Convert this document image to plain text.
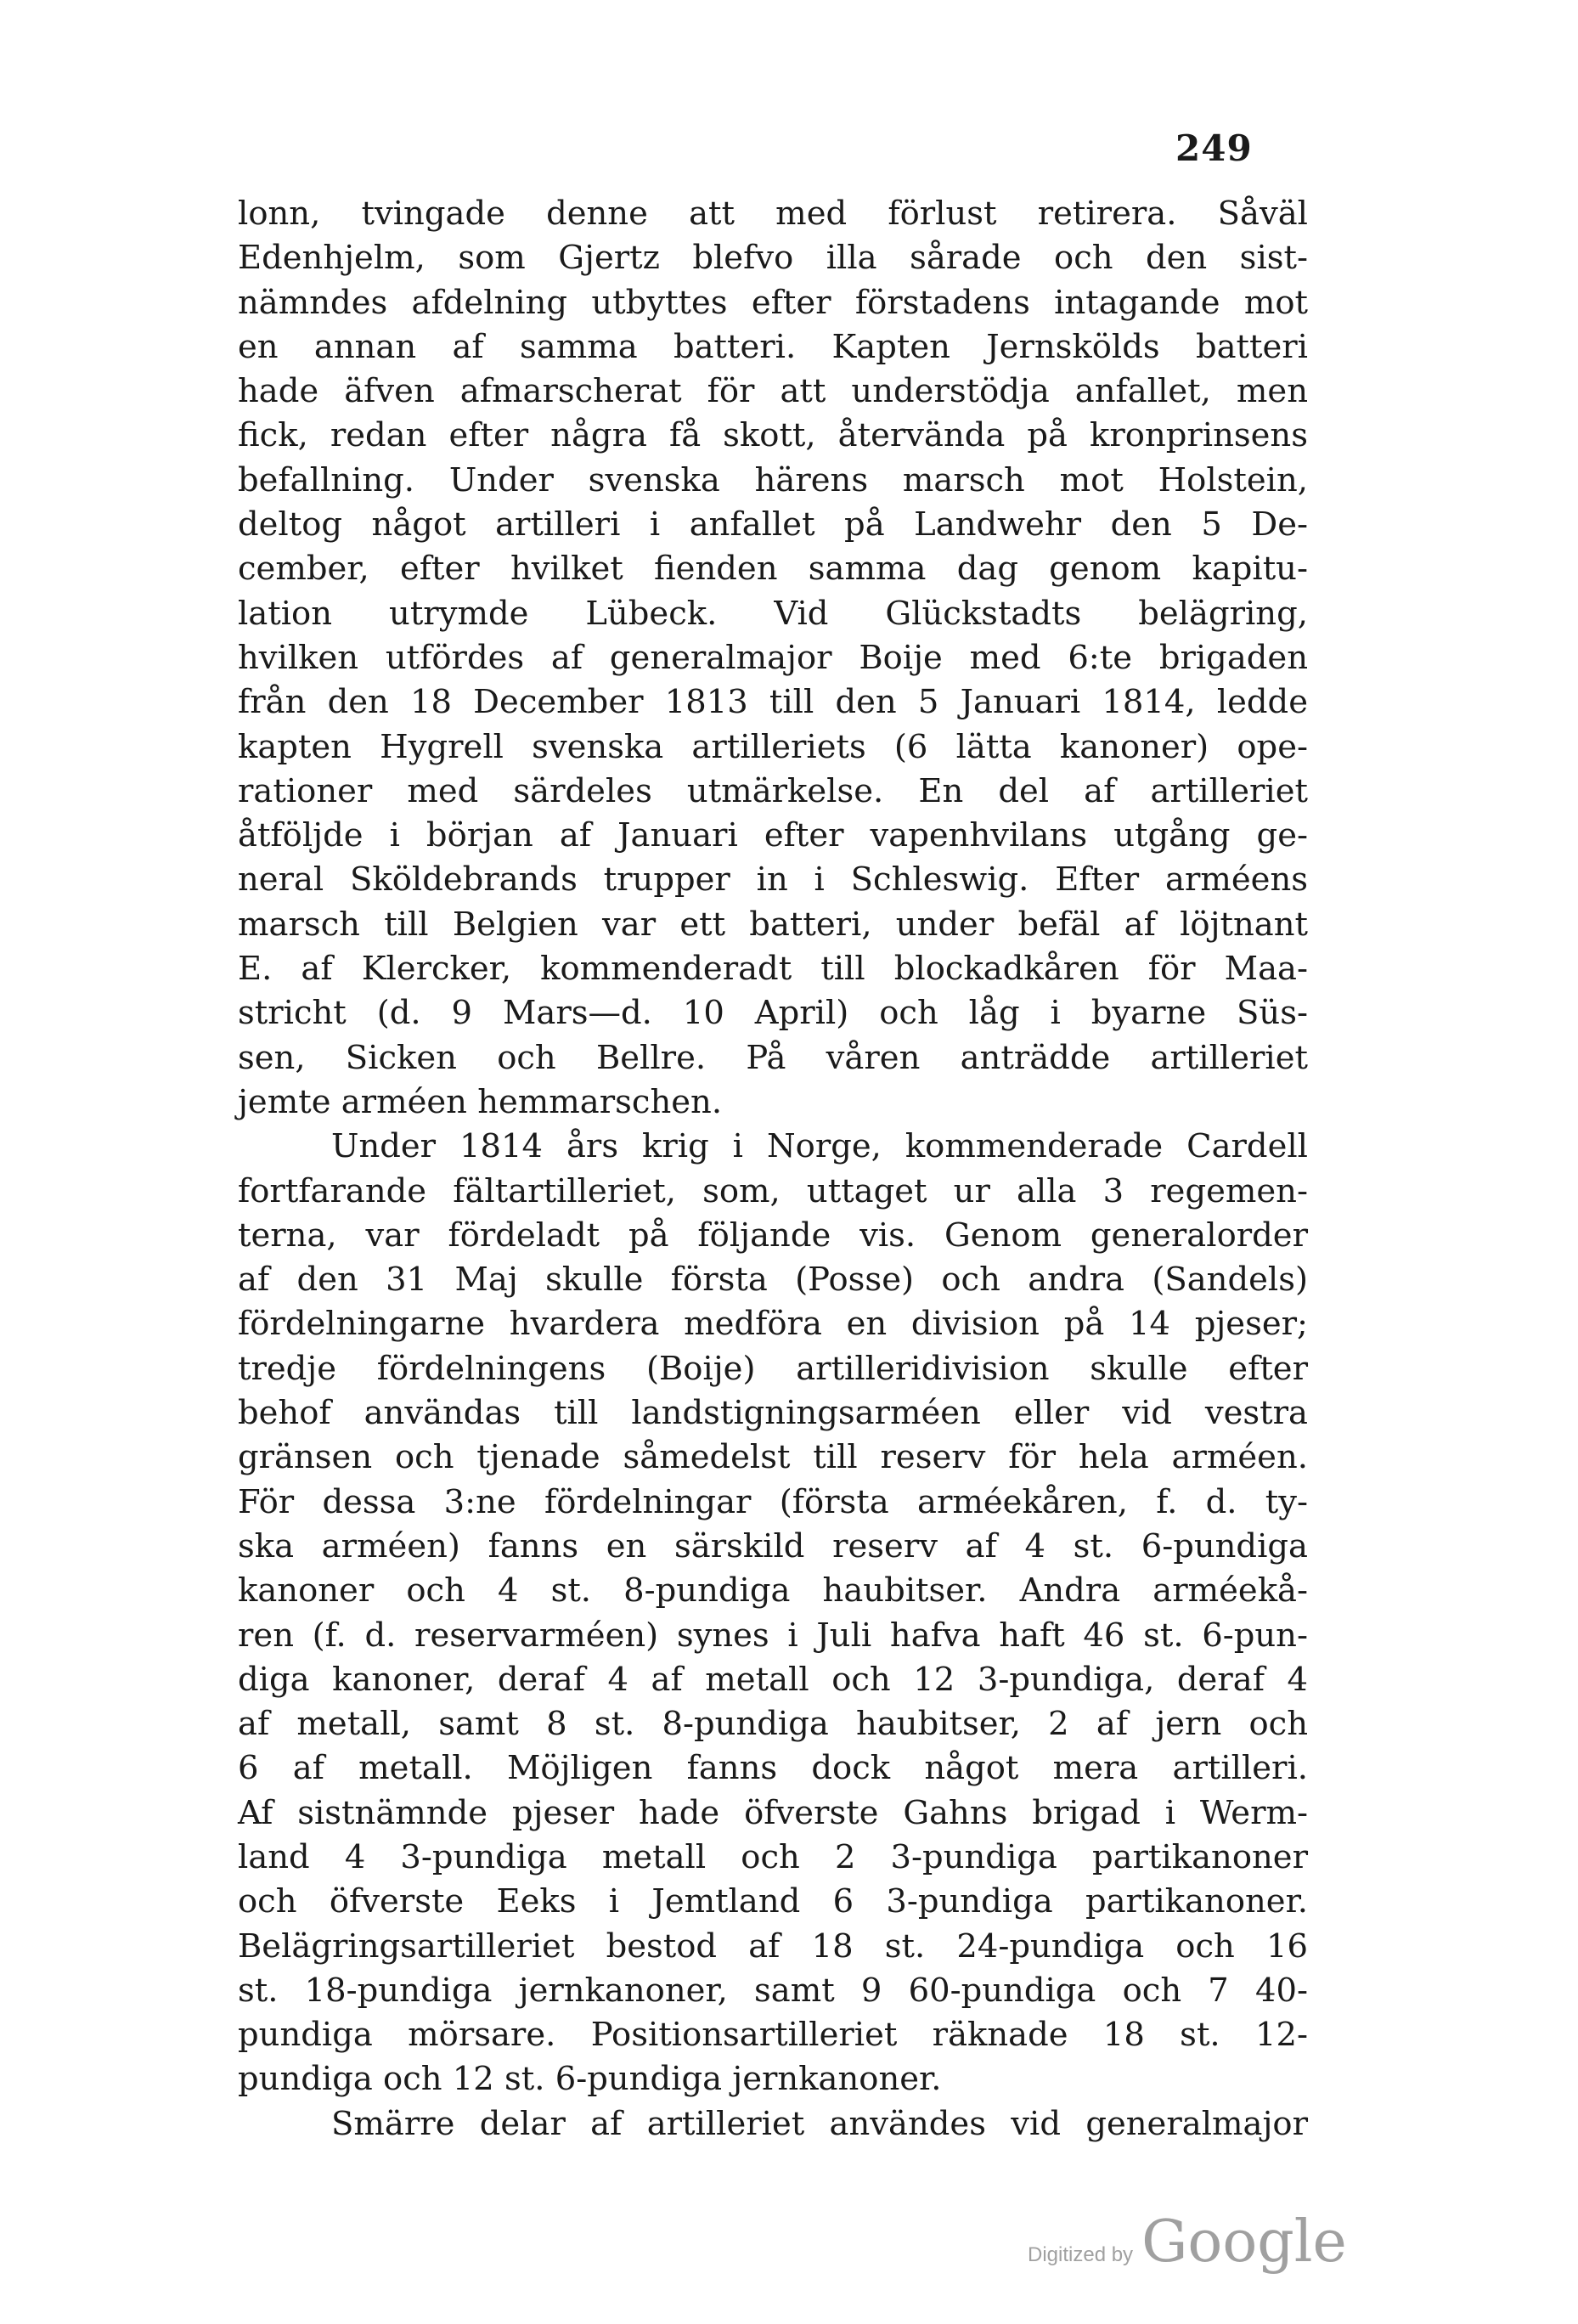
249
lonn, tvingade denne att med förlust retirera. Såväl
Edenhjelm, som Gjertz blefvo illa sårade och den sist-
nämndes afdelning utbyttes efter förstadens intagande mot
en annan af samma batteri. Kapten Jernskölds batteri
hade äfven afmarscherat för att understödja anfallet, men
fick, redan efter några få skott, återvända på kronprinsens
befallning. Under svenska härens marsch mot Holstein,
deltog något artilleri i anfallet på Landwehr den 5 De-
cember, efter hvilket fienden samma dag genom kapitu-
lation utrymde Lübeck. Vid Glückstadts belägring,
hvilken utfördes af generalmajor Boije med 6:te brigaden
från den 18 December 1813 till den 5 Januari 1814, ledde
kapten Hygrell svenska artilleriets (6 lätta kanoner) ope-
rationer med särdeles utmärkelse. En del af artilleriet
åtföljde i början af Januari efter vapenhvilans utgång ge-
neral Sköldebrands trupper in i Schleswig. Efter arméens
marsch till Belgien var ett batteri, under befäl af löjtnant
E. af Klercker, kommenderadt till blockadkåren för Maa-
stricht (d. 9 Mars—d. 10 April) och låg i byarne Süs-
sen, Sicken och Bellre. På våren anträdde artilleriet
jemte arméen hemmarschen.
Under 1814 års krig i Norge, kommenderade Cardell
fortfarande fältartilleriet, som, uttaget ur alla 3 regemen-
terna, var fördeladt på följande vis. Genom generalorder
af den 31 Maj skulle första (Posse) och andra (Sandels)
fördelningarne hvardera medföra en division på 14 pjeser;
tredje fördelningens (Boije) artilleridivision skulle efter
behof användas till landstigningsarméen eller vid vestra
gränsen och tjenade såmedelst till reserv för hela arméen.
För dessa 3:ne fördelningar (första arméekåren, f. d. ty-
ska arméen) fanns en särskild reserv af 4 st. 6-pundiga
kanoner och 4 st. 8-pundiga haubitser. Andra arméekå-
ren (f. d. reservarméen) synes i Juli hafva haft 46 st. 6-pun-
diga kanoner, deraf 4 af metall och 12 3-pundiga, deraf 4
af metall, samt 8 st. 8-pundiga haubitser, 2 af jern och
6 af metall. Möjligen fanns dock något mera artilleri.
Af sistnämnde pjeser hade öfverste Gahns brigad i Werm-
land 4 3-pundiga metall och 2 3-pundiga partikanoner
och öfverste Eeks i Jemtland 6 3-pundiga partikanoner.
Belägringsartilleriet bestod af 18 st. 24-pundiga och 16
st. 18-pundiga jernkanoner, samt 9 60-pundiga och 7 40-
pundiga mörsare. Positionsartilleriet räknade 18 st. 12-
pundiga och 12 st. 6-pundiga jernkanoner.
Smärre delar af artilleriet användes vid generalmajor
Digitized by Google
